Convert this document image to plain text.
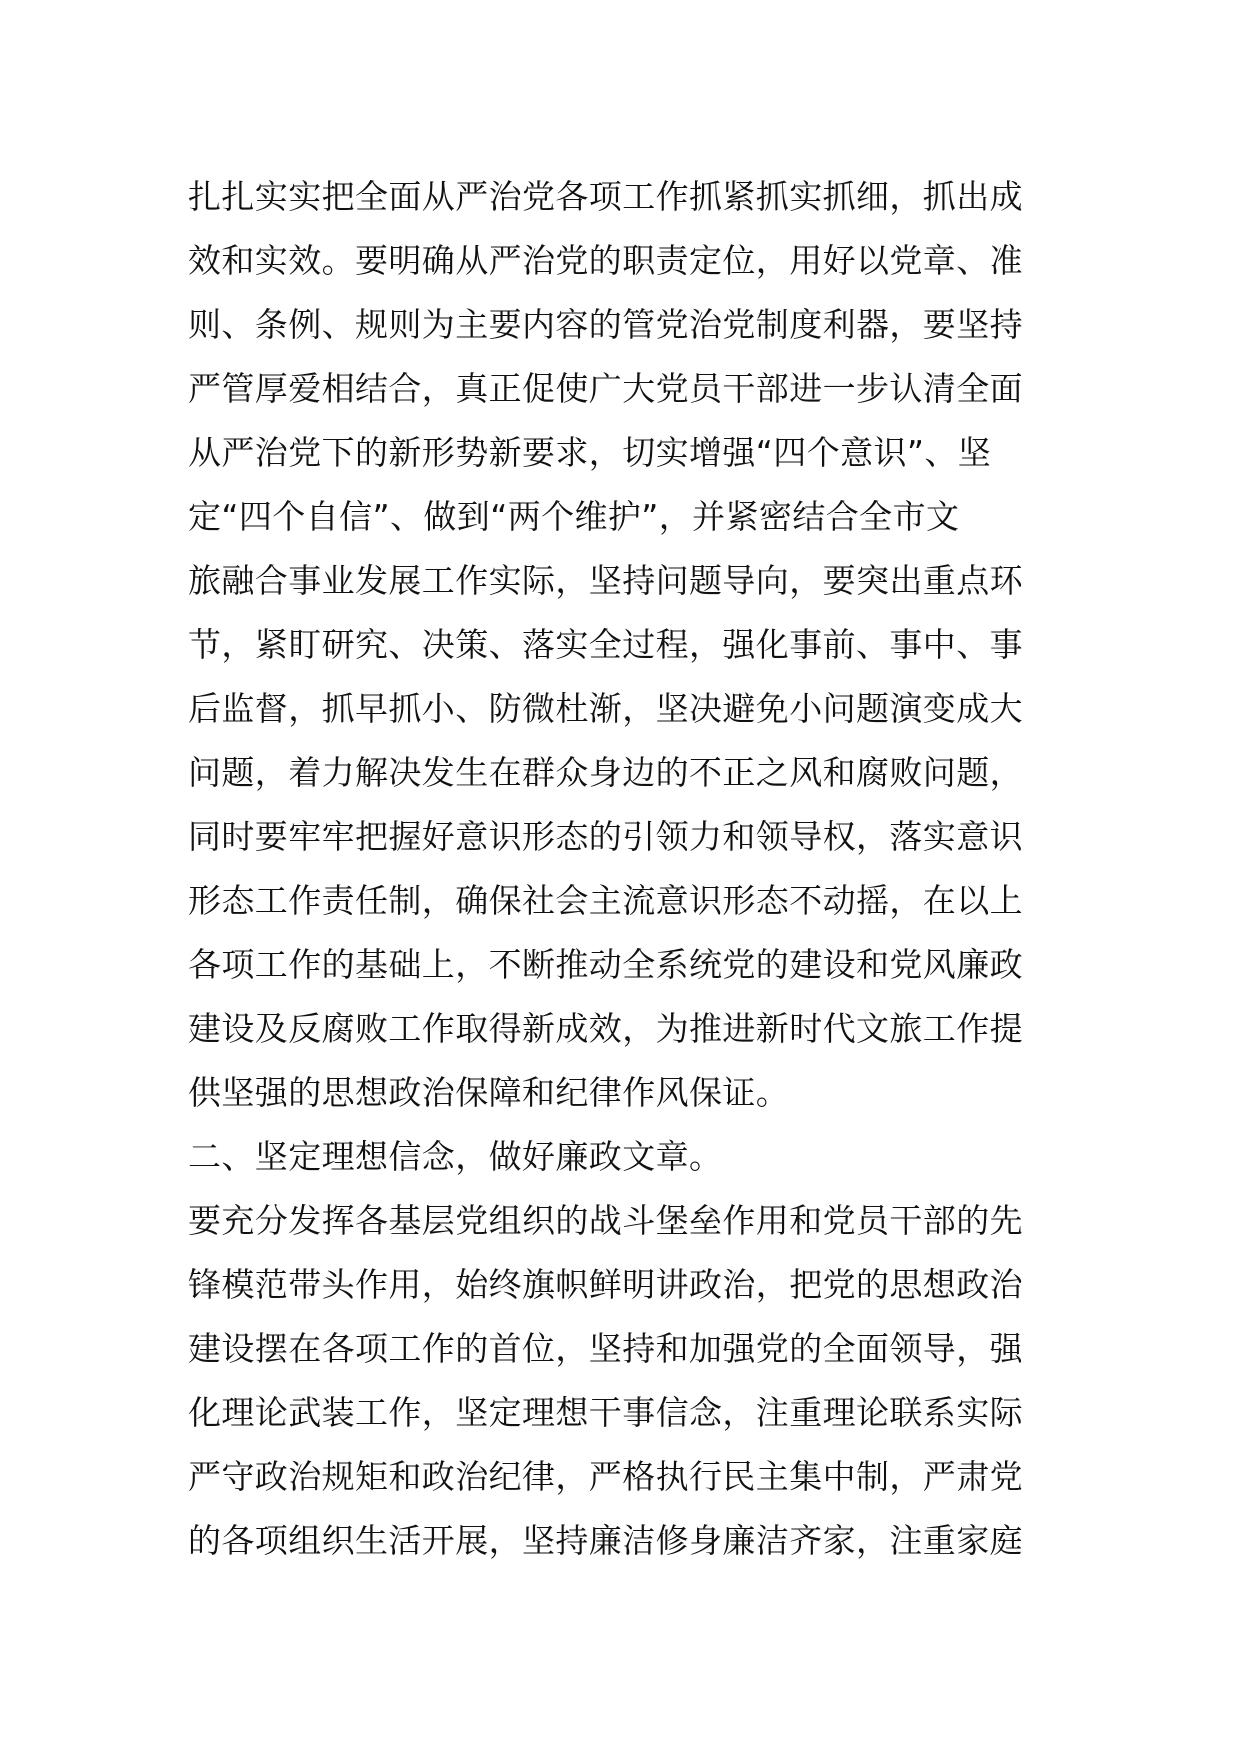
扎扎实实把全面从严治党各项工作抓紧抓实抓细，抓出成
效和实效。要明确从严治党的职责定位，用好以党章、准
则、条例、规则为主要内容的管党治党制度利器，要坚持
严管厚爱相结合，真正促使广大党员干部进一步认清全面
从严治党下的新形势新要求，切实增强“四个意识”、坚
定“四个自信”、做到“两个维护”，并紧密结合全市文
旅融合事业发展工作实际，坚持问题导向，要突出重点环
节，紧盯研究、决策、落实全过程，强化事前、事中、事
后监督，抓早抓小、防微杜渐，坚决避免小问题演变成大
问题，着力解决发生在群众身边的不正之风和腐败问题，
同时要牢牢把握好意识形态的引领力和领导权，落实意识
形态工作责任制，确保社会主流意识形态不动摇，在以上
各项工作的基础上，不断推动全系统党的建设和党风廉政
建设及反腐败工作取得新成效，为推进新时代文旅工作提
供坚强的思想政治保障和纪律作风保证。
二、坚定理想信念，做好廉政文章。
要充分发挥各基层党组织的战斗堡垒作用和党员干部的先
锋模范带头作用，始终旗帜鲜明讲政治，把党的思想政治
建设摆在各项工作的首位，坚持和加强党的全面领导，强
化理论武装工作，坚定理想干事信念，注重理论联系实际
严守政治规矩和政治纪律，严格执行民主集中制，严肃党
的各项组织生活开展，坚持廉洁修身廉洁齐家，注重家庭
